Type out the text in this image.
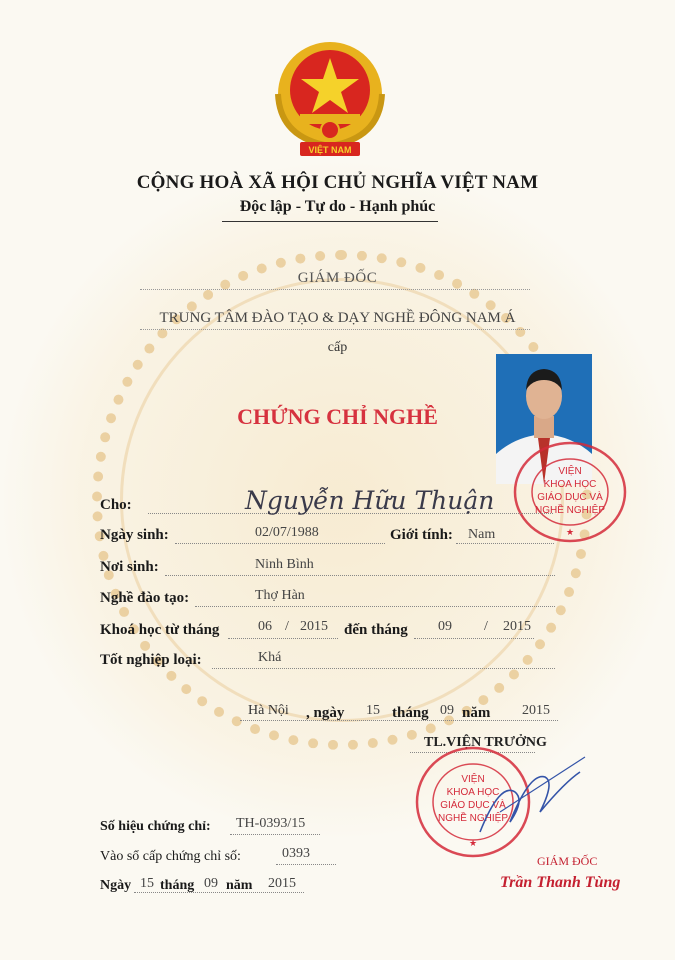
VIỆT NAM
CỘNG HOÀ XÃ HỘI CHỦ NGHĨA VIỆT NAM
Độc lập - Tự do - Hạnh phúc
GIÁM ĐỐC
TRUNG TÂM ĐÀO TẠO & DẠY NGHỀ ĐÔNG NAM Á
cấp
CHỨNG CHỈ NGHỀ
VIỆN
KHOA HỌC
GIÁO DỤC VÀ
NGHỀ NGHIỆP
★
Cho:	Nguyễn Hữu Thuận
Ngày sinh:	02/07/1988	Giới tính: Nam
Nơi sinh:	Ninh Bình
Nghề đào tạo:	Thợ Hàn
Khoá học từ tháng	06 / 2015 đến tháng 09 / 2015
Tốt nghiệp loại:	Khá
Hà Nội , ngày 15 tháng 09 năm 2015
TL.VIỆN TRƯỞNG
VIỆN
KHOA HỌC
GIÁO DỤC VÀ
NGHỀ NGHIỆP
★
GIÁM ĐỐC
Trần Thanh Tùng
Số hiệu chứng chỉ: TH-0393/15
Vào sổ cấp chứng chỉ số:	0393
Ngày 15 tháng 09 năm 2015
